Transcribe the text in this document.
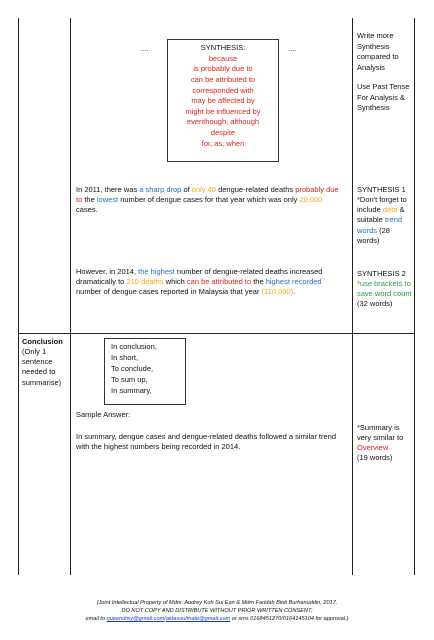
....	....
SYNTHESIS:
because
is probably due to
can be attributed to
corresponded with
may be affected by
might be influenced by
eventhough, although
despite
for, as, when
Write more
Synthesis
compared to
Analysis
Use Past Tense
For Analysis &
Synthesis
In 2011, there was a sharp drop of only 40 dengue-related deaths probably due to the lowest number of dengue cases for that year which was only 20,000 cases.
SYNTHESIS 1
*Don't forget to include data & suitable trend words (28 words)
However, in 2014, the highest number of dengue-related deaths increased dramatically to 210 deaths which can be attributed to the highest recorded number of dengue cases reported in Malaysia that year (110,000).
SYNTHESIS 2
*use brackets to save word count
(32 words)
Conclusion
(Only 1 sentence needed to summarise)
In conclusion,
In short,
To conclude,
To sum up,
In summary,
Sample Answer:
In summary, dengue cases and dengue-related deaths followed a similar trend with the highest numbers being recorded in 2014.
*Summary is very similar to Overview
(19 words)
(Joint Intellectual Property of Mdm. Audrey Koh Sui Ean & Mdm Faridah Binti Burhanuddin, 2017.
DO NOT COPY AND DISTRIBUTE WITHOUT PRIOR WRITTEN CONSENT;
email to queendrey@gmail.com/aidasoulmate@gmail.com or sms 0168451270/0164145104 for approval.)
